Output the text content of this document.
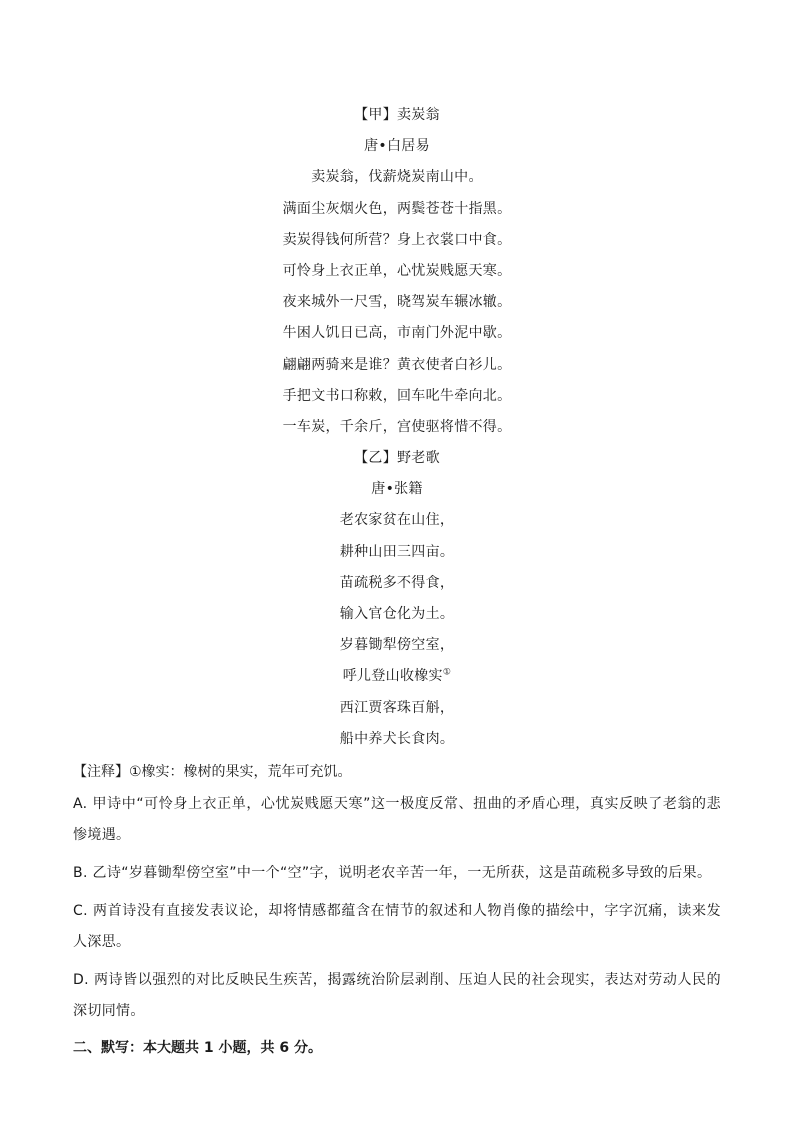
【甲】卖炭翁
唐•白居易
卖炭翁，伐薪烧炭南山中。
满面尘灰烟火色，两鬓苍苍十指黑。
卖炭得钱何所营？身上衣裳口中食。
可怜身上衣正单，心忧炭贱愿天寒。
夜来城外一尺雪，晓驾炭车辗冰辙。
牛困人饥日已高，市南门外泥中歇。
翩翩两骑来是谁？黄衣使者白衫儿。
手把文书口称敕，回车叱牛牵向北。
一车炭，千余斤，宫使驱将惜不得。
【乙】野老歌
唐•张籍
老农家贫在山住，
耕种山田三四亩。
苗疏税多不得食，
输入官仓化为土。
岁暮锄犁傍空室，
呼儿登山收橡实①
西江贾客珠百斛，
船中养犬长食肉。
【注释】①橡实：橡树的果实，荒年可充饥。
A. 甲诗中“可怜身上衣正单，心忧炭贱愿天寒”这一极度反常、扭曲的矛盾心理，真实反映了老翁的悲惨境遇。
B. 乙诗“岁暮锄犁傍空室”中一个“空”字，说明老农辛苦一年，一无所获，这是苗疏税多导致的后果。
C. 两首诗没有直接发表议论，却将情感都蕴含在情节的叙述和人物肖像的描绘中，字字沉痛，读来发人深思。
D. 两诗皆以强烈的对比反映民生疾苦，揭露统治阶层剥削、压迫人民的社会现实，表达对劳动人民的深切同情。
二、默写：本大题共 1 小题，共 6 分。
